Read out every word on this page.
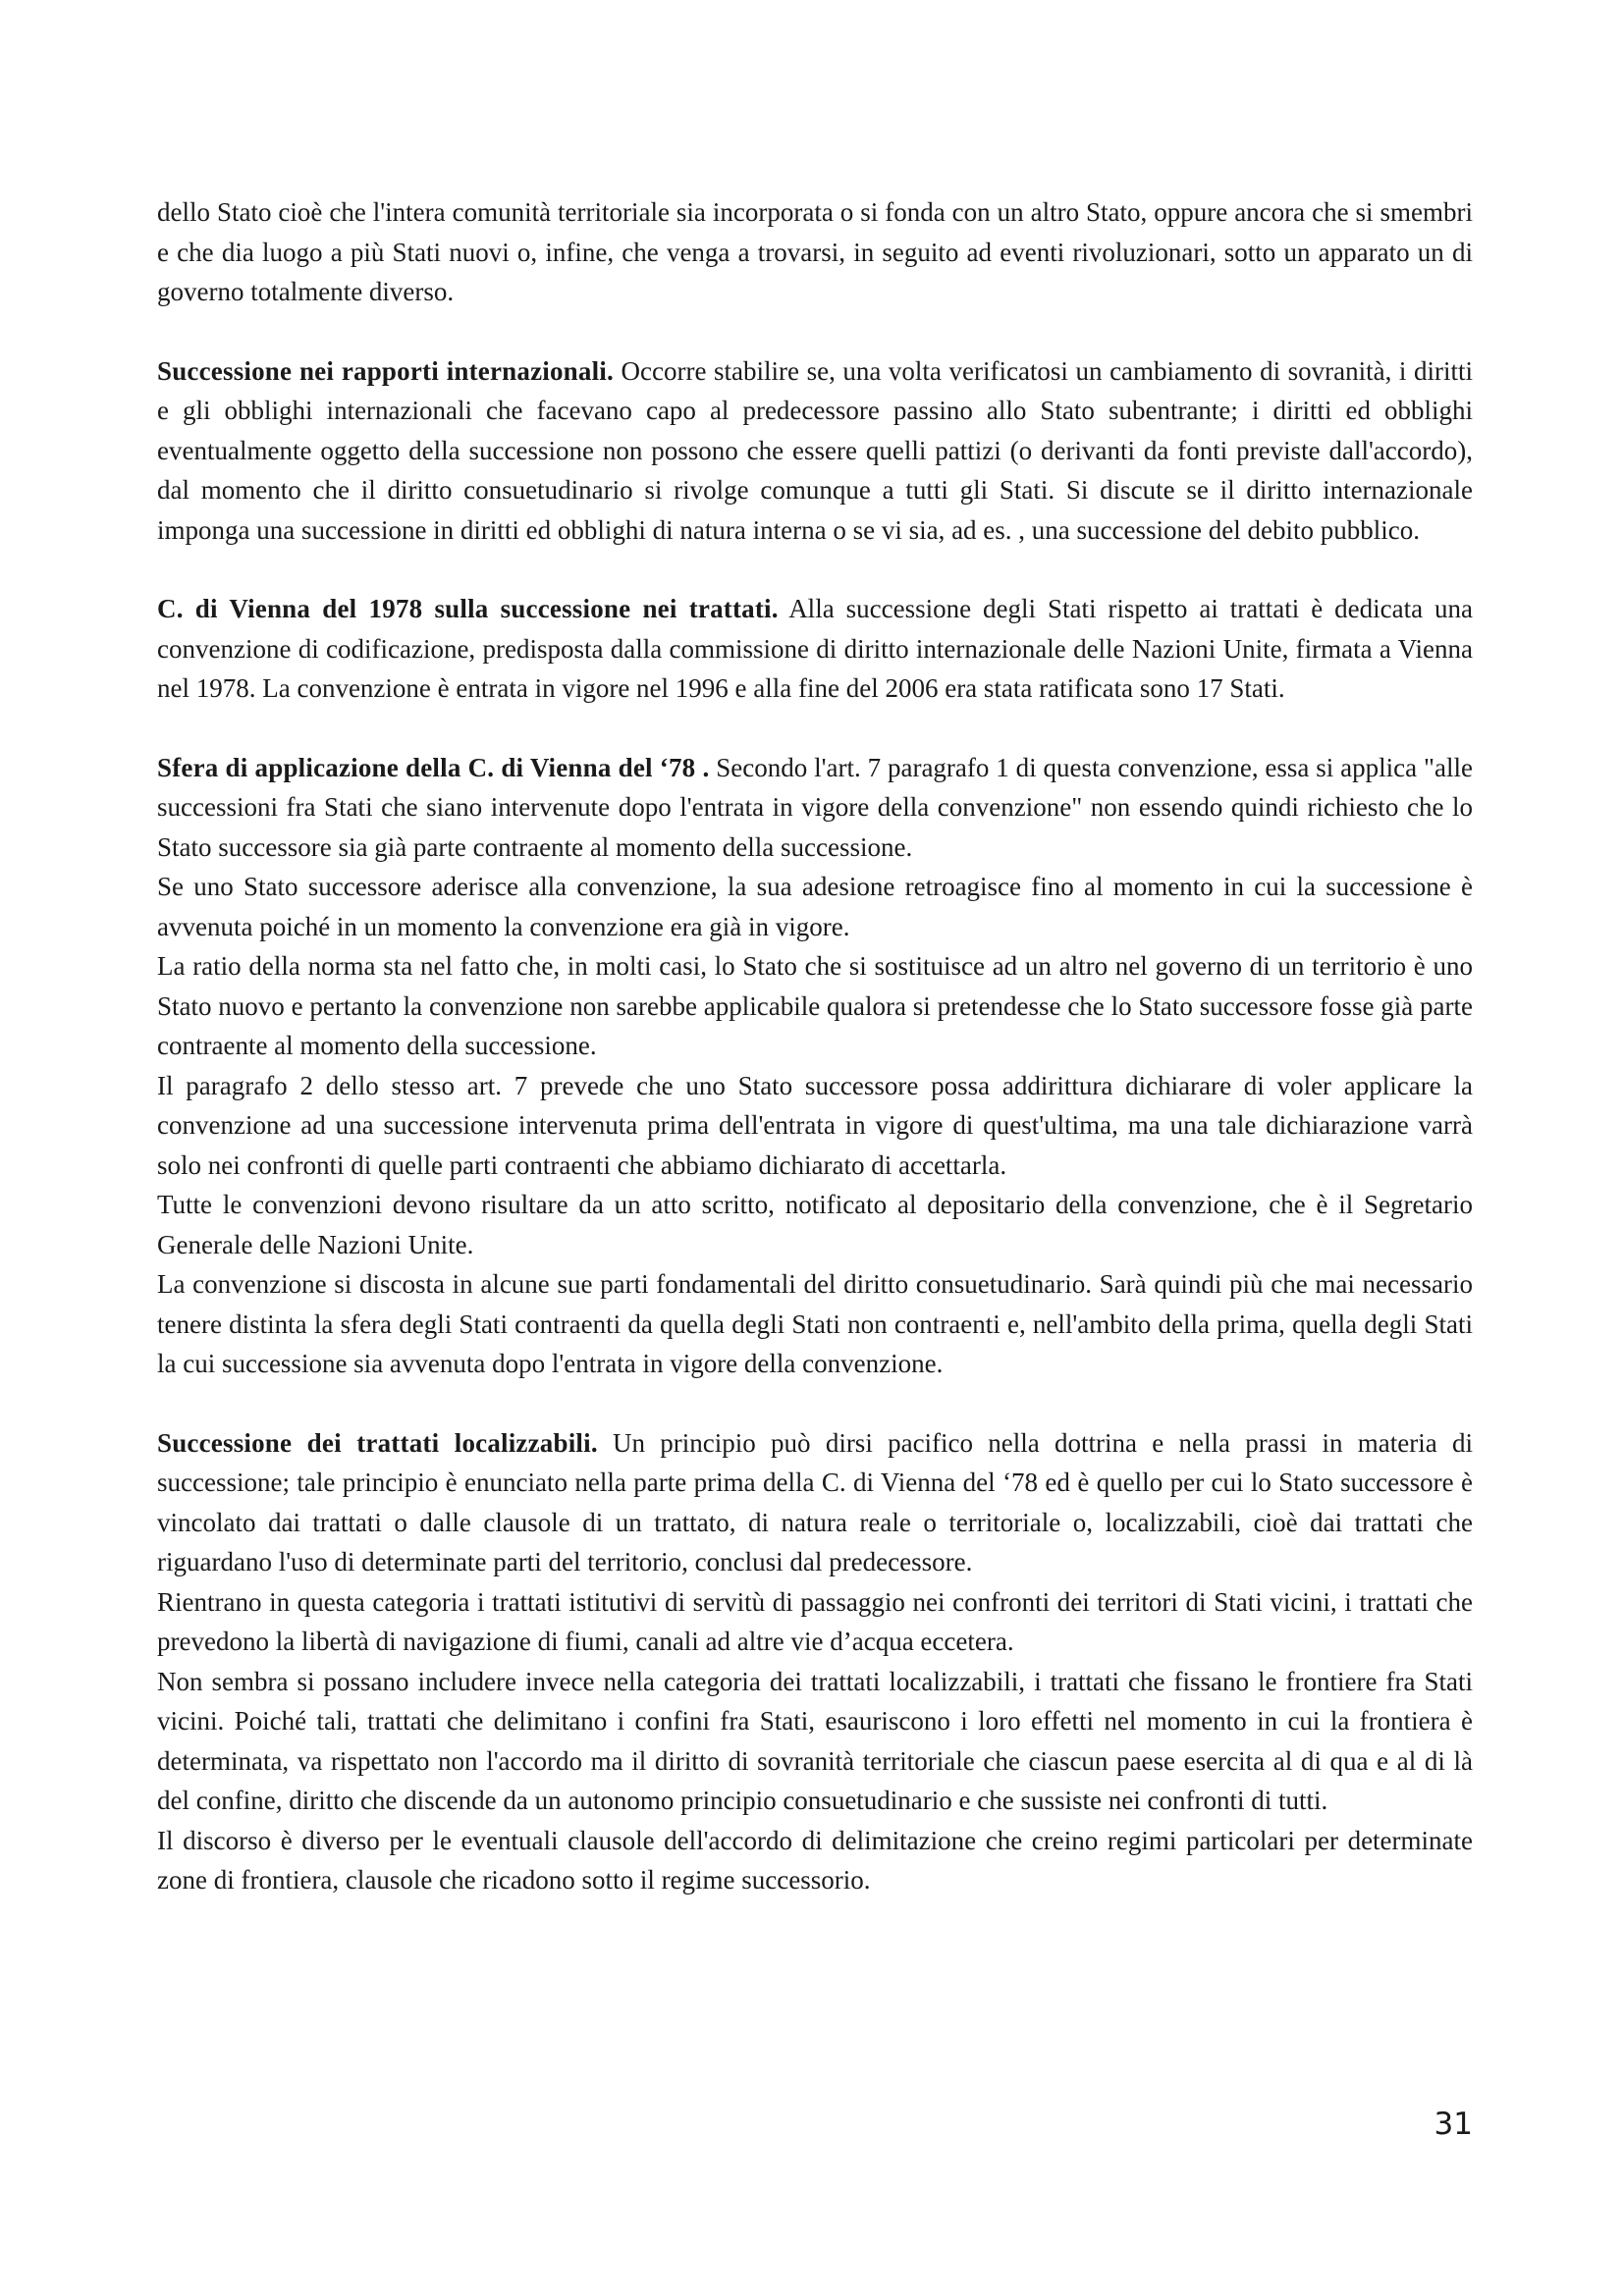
dello Stato cioè che l'intera comunità territoriale sia incorporata o si fonda con un altro Stato, oppure ancora che si smembri e che dia luogo a più Stati nuovi o, infine, che venga a trovarsi, in seguito ad eventi rivoluzionari, sotto un apparato un di governo totalmente diverso.

Successione nei rapporti internazionali. Occorre stabilire se, una volta verificatosi un cambiamento di sovranità, i diritti e gli obblighi internazionali che facevano capo al predecessore passino allo Stato subentrante; i diritti ed obblighi eventualmente oggetto della successione non possono che essere quelli pattizi (o derivanti da fonti previste dall'accordo), dal momento che il diritto consuetudinario si rivolge comunque a tutti gli Stati. Si discute se il diritto internazionale imponga una successione in diritti ed obblighi di natura interna o se vi sia, ad es. , una successione del debito pubblico.

C. di Vienna del 1978 sulla successione nei trattati. Alla successione degli Stati rispetto ai trattati è dedicata una convenzione di codificazione, predisposta dalla commissione di diritto internazionale delle Nazioni Unite, firmata a Vienna nel 1978. La convenzione è entrata in vigore nel 1996 e alla fine del 2006 era stata ratificata sono 17 Stati.

Sfera di applicazione della C. di Vienna del ‘78 . Secondo l'art. 7 paragrafo 1 di questa convenzione, essa si applica "alle successioni fra Stati che siano intervenute dopo l'entrata in vigore della convenzione" non essendo quindi richiesto che lo Stato successore sia già parte contraente al momento della successione.

Se uno Stato successore aderisce alla convenzione, la sua adesione retroagisce fino al momento in cui la successione è avvenuta poiché in un momento la convenzione era già in vigore.

La ratio della norma sta nel fatto che, in molti casi, lo Stato che si sostituisce ad un altro nel governo di un territorio è uno Stato nuovo e pertanto la convenzione non sarebbe applicabile qualora si pretendesse che lo Stato successore fosse già parte contraente al momento della successione.

Il paragrafo 2 dello stesso art. 7 prevede che uno Stato successore possa addirittura dichiarare di voler applicare la convenzione ad una successione intervenuta prima dell'entrata in vigore di quest'ultima, ma una tale dichiarazione varrà solo nei confronti di quelle parti contraenti che abbiamo dichiarato di accettarla.

Tutte le convenzioni devono risultare da un atto scritto, notificato al depositario della convenzione, che è il Segretario Generale delle Nazioni Unite.

La convenzione si discosta in alcune sue parti fondamentali del diritto consuetudinario. Sarà quindi più che mai necessario tenere distinta la sfera degli Stati contraenti da quella degli Stati non contraenti e, nell'ambito della prima, quella degli Stati la cui successione sia avvenuta dopo l'entrata in vigore della convenzione.

Successione dei trattati localizzabili. Un principio può dirsi pacifico nella dottrina e nella prassi in materia di successione; tale principio è enunciato nella parte prima della C. di Vienna del ‘78 ed è quello per cui lo Stato successore è vincolato dai trattati o dalle clausole di un trattato, di natura reale o territoriale o, localizzabili, cioè dai trattati che riguardano l'uso di determinate parti del territorio, conclusi dal predecessore.

Rientrano in questa categoria i trattati istitutivi di servitù di passaggio nei confronti dei territori di Stati vicini, i trattati che prevedono la libertà di navigazione di fiumi, canali ad altre vie d’acqua eccetera.

Non sembra si possano includere invece nella categoria dei trattati localizzabili, i trattati che fissano le frontiere fra Stati vicini. Poiché tali, trattati che delimitano i confini fra Stati, esauriscono i loro effetti nel momento in cui la frontiera è determinata, va rispettato non l'accordo ma il diritto di sovranità territoriale che ciascun paese esercita al di qua e al di là del confine, diritto che discende da un autonomo principio consuetudinario e che sussiste nei confronti di tutti.

Il discorso è diverso per le eventuali clausole dell'accordo di delimitazione che creino regimi particolari per determinate zone di frontiera, clausole che ricadono sotto il regime successorio.

31
